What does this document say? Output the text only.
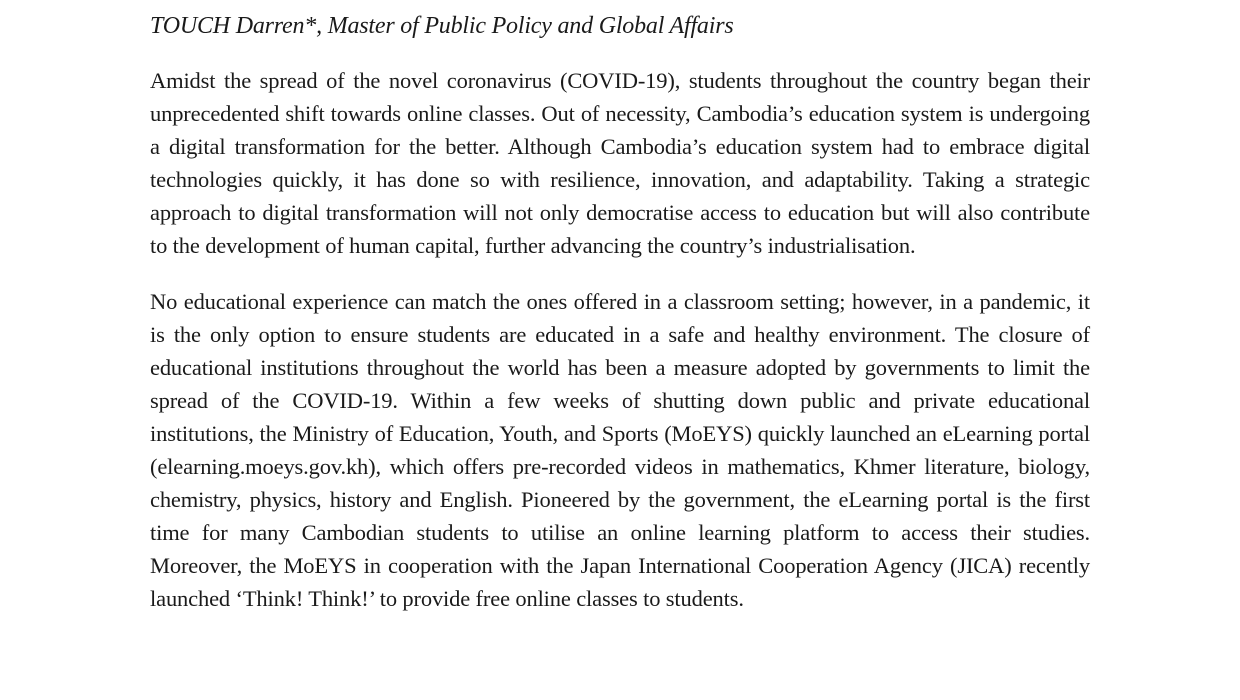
TOUCH Darren*, Master of Public Policy and Global Affairs

Amidst the spread of the novel coronavirus (COVID-19), students throughout the country began their unprecedented shift towards online classes. Out of necessity, Cambodia’s education system is undergoing a digital transformation for the better. Although Cambodia’s education system had to embrace digital technologies quickly, it has done so with resilience, innovation, and adaptability. Taking a strategic approach to digital transformation will not only democratise access to education but will also contribute to the development of human capital, further advancing the country’s industrialisation.

No educational experience can match the ones offered in a classroom setting; however, in a pandemic, it is the only option to ensure students are educated in a safe and healthy environment. The closure of educational institutions throughout the world has been a measure adopted by governments to limit the spread of the COVID-19. Within a few weeks of shutting down public and private educational institutions, the Ministry of Education, Youth, and Sports (MoEYS) quickly launched an eLearning portal (elearning.moeys.gov.kh), which offers pre-recorded videos in mathematics, Khmer literature, biology, chemistry, physics, history and English. Pioneered by the government, the eLearning portal is the first time for many Cambodian students to utilise an online learning platform to access their studies. Moreover, the MoEYS in cooperation with the Japan International Cooperation Agency (JICA) recently launched ‘Think! Think!’ to provide free online classes to students.
